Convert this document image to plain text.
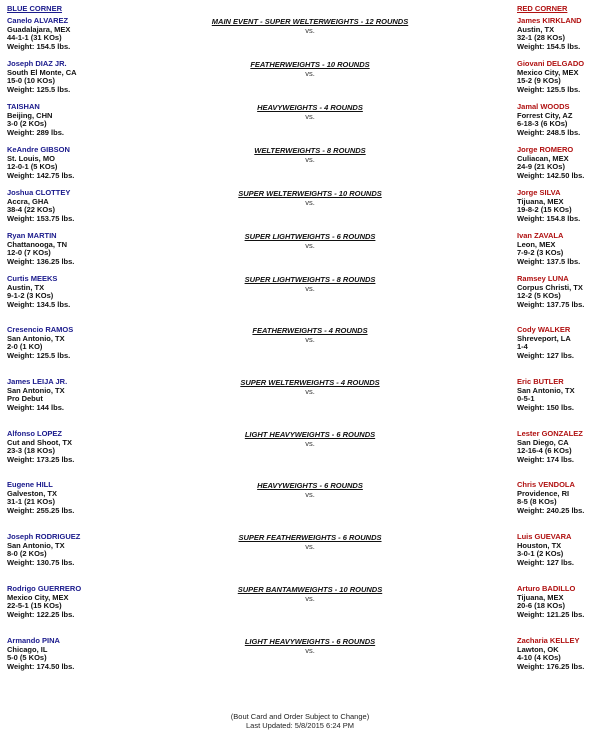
BLUE CORNER	RED CORNER
Canelo ALVAREZ
Guadalajara, MEX
44-1-1 (31 KOs)
Weight: 154.5 lbs.
James KIRKLAND
Austin, TX
32-1 (28 KOs)
Weight: 154.5 lbs.
MAIN EVENT - SUPER WELTERWEIGHTS - 12 ROUNDS
vs.
Joseph DIAZ JR.
South El Monte, CA
15-0 (10 KOs)
Weight: 125.5 lbs.
Giovani DELGADO
Mexico City, MEX
15-2 (9 KOs)
Weight: 125.5 lbs.
FEATHERWEIGHTS - 10 ROUNDS
vs.
TAISHAN
Beijing, CHN
3-0 (2 KOs)
Weight: 289 lbs.
Jamal WOODS
Forrest City, AZ
6-18-3 (6 KOs)
Weight: 248.5 lbs.
HEAVYWEIGHTS - 4 ROUNDS
vs.
KeAndre GIBSON
St. Louis, MO
12-0-1 (5 KOs)
Weight: 142.75 lbs.
Jorge ROMERO
Culiacan, MEX
24-9 (21 KOs)
Weight: 142.50 lbs.
WELTERWEIGHTS - 8 ROUNDS
vs.
Joshua CLOTTEY
Accra, GHA
38-4 (22 KOs)
Weight: 153.75 lbs.
Jorge SILVA
Tijuana, MEX
19-8-2 (15 KOs)
Weight: 154.8 lbs.
SUPER WELTERWEIGHTS - 10 ROUNDS
vs.
Ryan MARTIN
Chattanooga, TN
12-0 (7 KOs)
Weight: 136.25 lbs.
Ivan ZAVALA
Leon, MEX
7-9-2 (3 KOs)
Weight: 137.5 lbs.
SUPER LIGHTWEIGHTS - 6 ROUNDS
vs.
Curtis MEEKS
Austin, TX
9-1-2 (3 KOs)
Weight: 134.5 lbs.
Ramsey LUNA
Corpus Christi, TX
12-2 (5 KOs)
Weight: 137.75 lbs.
SUPER LIGHTWEIGHTS - 8 ROUNDS
vs.
Cresencio RAMOS
San Antonio, TX
2-0 (1 KO)
Weight: 125.5 lbs.
Cody WALKER
Shreveport, LA
1-4
Weight: 127 lbs.
FEATHERWEIGHTS - 4 ROUNDS
vs.
James LEIJA JR.
San Antonio, TX
Pro Debut
Weight: 144 lbs.
Eric BUTLER
San Antonio, TX
0-5-1
Weight: 150 lbs.
SUPER WELTERWEIGHTS - 4 ROUNDS
vs.
Alfonso LOPEZ
Cut and Shoot, TX
23-3 (18 KOs)
Weight: 173.25 lbs.
Lester GONZALEZ
San Diego, CA
12-16-4 (6 KOs)
Weight: 174 lbs.
LIGHT HEAVYWEIGHTS - 6 ROUNDS
vs.
Eugene HILL
Galveston, TX
31-1 (21 KOs)
Weight: 255.25 lbs.
Chris VENDOLA
Providence, RI
8-5 (8 KOs)
Weight: 240.25 lbs.
HEAVYWEIGHTS - 6 ROUNDS
vs.
Joseph RODRIGUEZ
San Antonio, TX
8-0 (2 KOs)
Weight: 130.75 lbs.
Luis GUEVARA
Houston, TX
3-0-1 (2 KOs)
Weight: 127 lbs.
SUPER FEATHERWEIGHTS - 6 ROUNDS
vs.
Rodrigo GUERRERO
Mexico City, MEX
22-5-1 (15 KOs)
Weight: 122.25 lbs.
Arturo BADILLO
Tijuana, MEX
20-6 (18 KOs)
Weight: 121.25 lbs.
SUPER BANTAMWEIGHTS - 10 ROUNDS
vs.
Armando PINA
Chicago, IL
5-0 (5 KOs)
Weight: 174.50 lbs.
Zacharia KELLEY
Lawton, OK
4-10 (4 KOs)
Weight: 176.25 lbs.
LIGHT HEAVYWEIGHTS - 6 ROUNDS
vs.
(Bout Card and Order Subject to Change)
Last Updated: 5/8/2015 6:24 PM
